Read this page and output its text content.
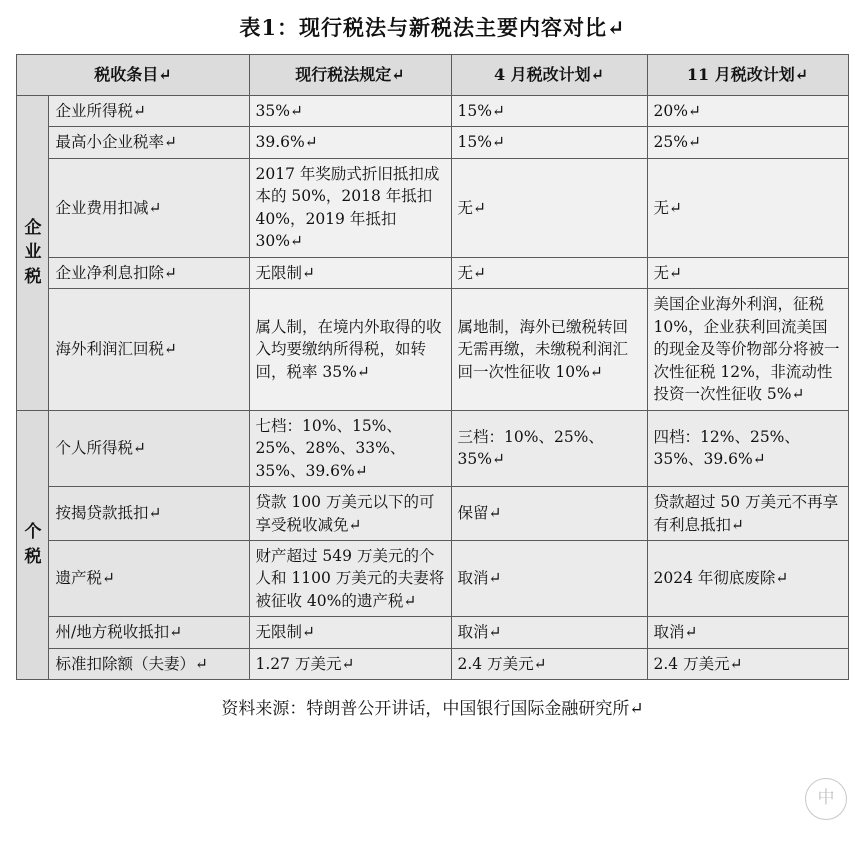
表1：现行税法与新税法主要内容对比↵
税收条目↵		现行税法规定↵	4 月税改计划↵	11 月税改计划↵

企业税	企业所得税↵	35%↵	15%↵	20%↵
	最高小企业税率↵	39.6%↵	15%↵	25%↵
	企业费用扣减↵	2017 年奖励式折旧抵扣成本的 50%，2018 年抵扣 40%，2019 年抵扣 30%↵	无↵	无↵
	企业净利息扣除↵	无限制↵	无↵	无↵
	海外利润汇回税↵	属人制，在境内外取得的收入均要缴纳所得税，如转回，税率 35%↵	属地制，海外已缴税转回无需再缴，未缴税利润汇回一次性征收 10%↵	美国企业海外利润，征税 10%，企业获利回流美国的现金及等价物部分将被一次性征税 12%，非流动性投资一次性征收 5%↵

个税	个人所得税↵	七档：10%、15%、25%、28%、33%、35%、39.6%↵	三档：10%、25%、35%↵	四档：12%、25%、35%、39.6%↵
	按揭贷款抵扣↵	贷款 100 万美元以下的可享受税收减免↵	保留↵	贷款超过 50 万美元不再享有利息抵扣↵
	遗产税↵	财产超过 549 万美元的个人和 1100 万美元的夫妻将被征收 40%的遗产税↵	取消↵	2024 年彻底废除↵
	州/地方税收抵扣↵	无限制↵	取消↵	取消↵
	标准扣除额（夫妻）↵	1.27 万美元↵	2.4 万美元↵	2.4 万美元↵
资料来源：特朗普公开讲话，中国银行国际金融研究所↵
中
